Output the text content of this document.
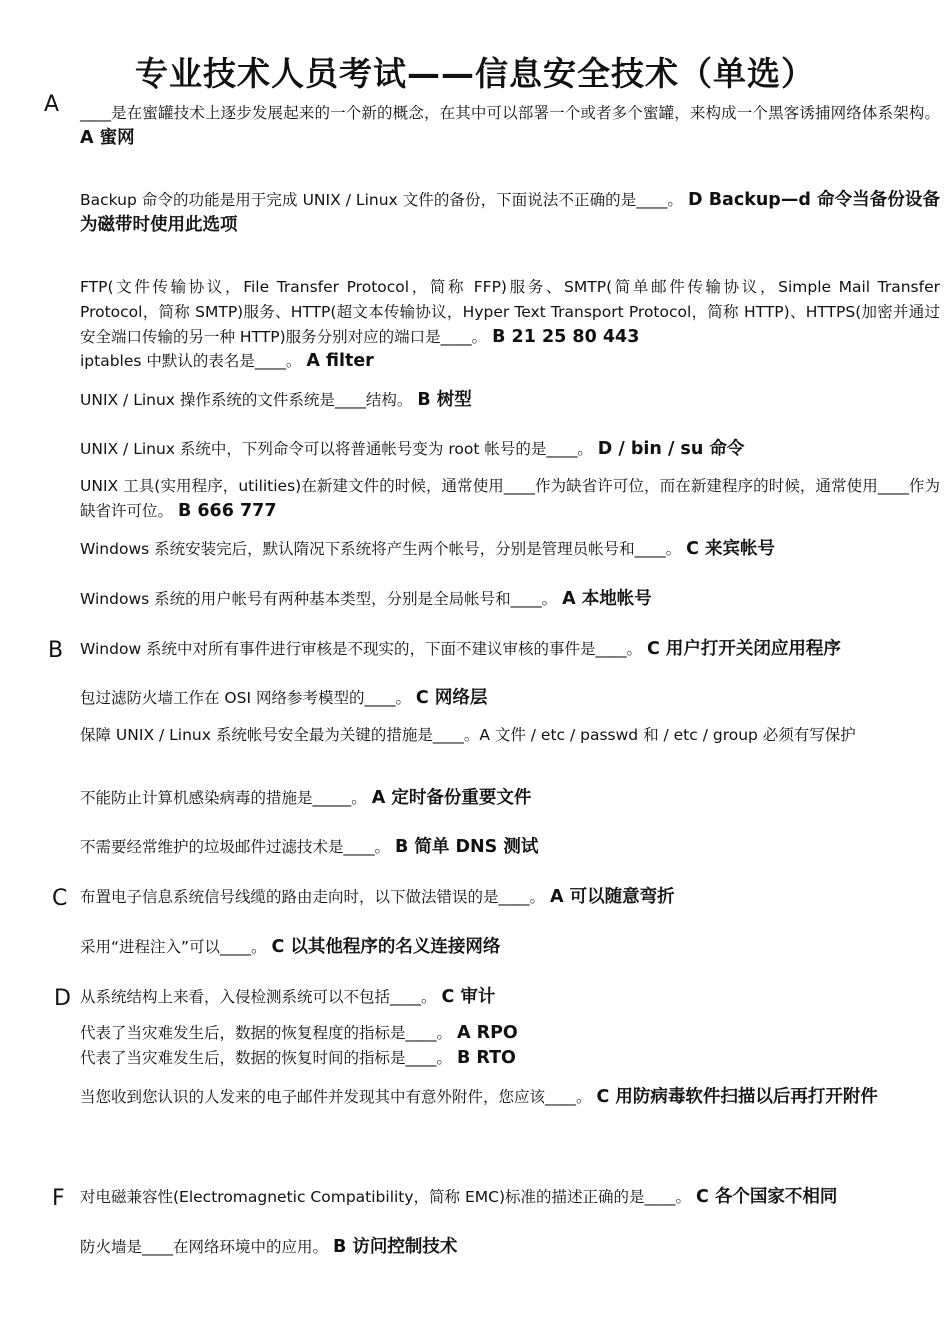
专业技术人员考试——信息安全技术（单选）
A
B
C
D
F
____是在蜜罐技术上逐步发展起来的一个新的概念，在其中可以部署一个或者多个蜜罐，来构成一个黑客诱捕网络体系架构。 A 蜜网
Backup 命令的功能是用于完成 UNIX / Linux 文件的备份，下面说法不正确的是____。 D Backup—d 命令当备份设备为磁带时使用此选项
FTP(文件传输协议，File Transfer Protocol，简称 FFP)服务、SMTP(简单邮件传输协议，Simple Mail Transfer Protocol，简称 SMTP)服务、HTTP(超文本传输协议，Hyper Text Transport Protocol，简称 HTTP)、HTTPS(加密并通过安全端口传输的另一种 HTTP)服务分别对应的端口是____。 B 21 25 80 443
iptables 中默认的表名是____。 A filter
UNIX / Linux 操作系统的文件系统是____结构。 B 树型
UNIX / Linux 系统中，下列命令可以将普通帐号变为 root 帐号的是____。 D / bin / su 命令
UNIX 工具(实用程序，utilities)在新建文件的时候，通常使用____作为缺省许可位，而在新建程序的时候，通常使用____作为缺省许可位。 B 666 777
Windows 系统安装完后，默认隋况下系统将产生两个帐号，分别是管理员帐号和____。 C 来宾帐号
Windows 系统的用户帐号有两种基本类型，分别是全局帐号和____。 A 本地帐号
Window 系统中对所有事件进行审核是不现实的，下面不建议审核的事件是____。 C 用户打开关闭应用程序
包过滤防火墙工作在 OSI 网络参考模型的____。 C 网络层
保障 UNIX / Linux 系统帐号安全最为关键的措施是____。A 文件 / etc / passwd 和 / etc / group 必须有写保护
不能防止计算机感染病毒的措施是_____。 A 定时备份重要文件
不需要经常维护的垃圾邮件过滤技术是____。 B 简单 DNS 测试
布置电子信息系统信号线缆的路由走向时，以下做法错误的是____。 A 可以随意弯折
采用“进程注入”可以____。 C 以其他程序的名义连接网络
从系统结构上来看，入侵检测系统可以不包括____。 C 审计
代表了当灾难发生后，数据的恢复程度的指标是____。 A RPO
代表了当灾难发生后，数据的恢复时间的指标是____。 B RTO
当您收到您认识的人发来的电子邮件并发现其中有意外附件，您应该____。 C 用防病毒软件扫描以后再打开附件
对电磁兼容性(Electromagnetic Compatibility，简称 EMC)标准的描述正确的是____。 C 各个国家不相同
防火墙是____在网络环境中的应用。 B 访问控制技术
